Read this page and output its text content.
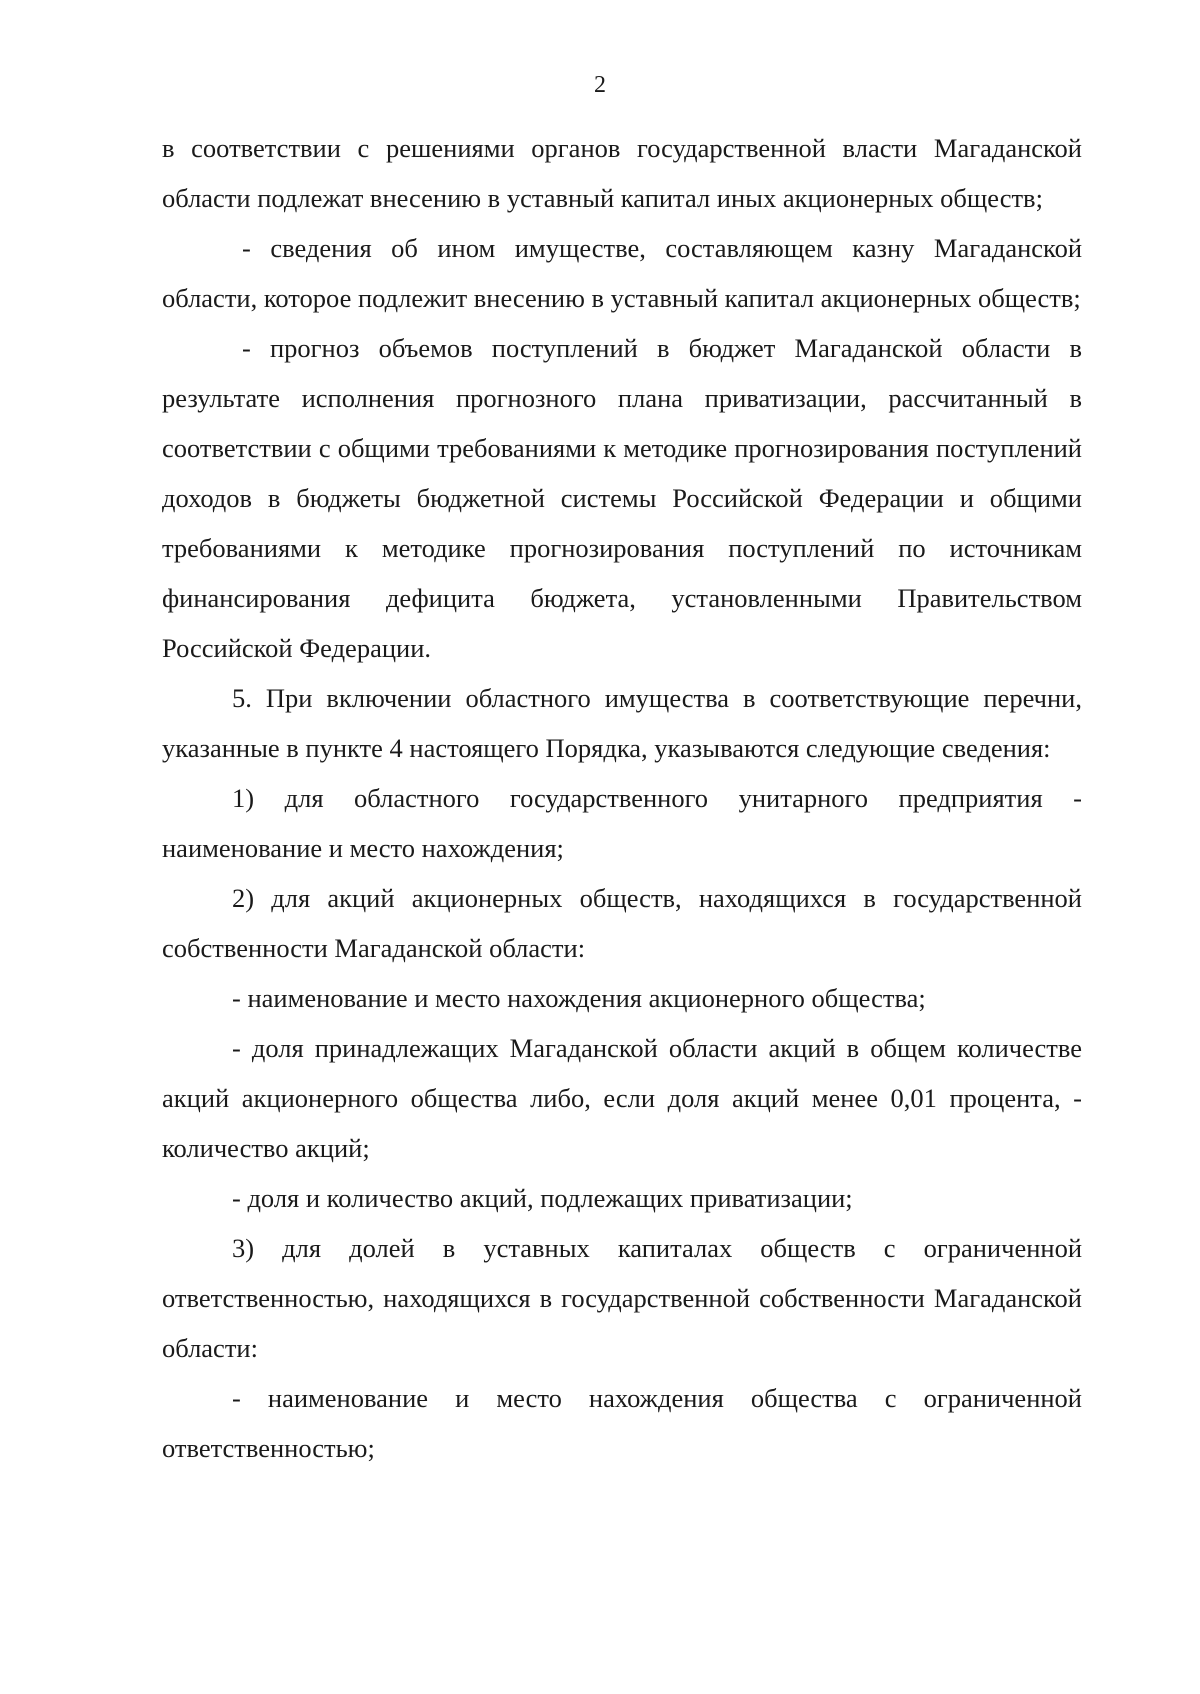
2

в соответствии с решениями органов государственной власти Магаданской области подлежат внесению в уставный капитал иных акционерных обществ;

- сведения об ином имуществе, составляющем казну Магаданской области, которое подлежит внесению в уставный капитал акционерных обществ;

- прогноз объемов поступлений в бюджет Магаданской области в результате исполнения прогнозного плана приватизации, рассчитанный в соответствии с общими требованиями к методике прогнозирования поступлений доходов в бюджеты бюджетной системы Российской Федерации и общими требованиями к методике прогнозирования поступлений по источникам финансирования дефицита бюджета, установленными Правительством Российской Федерации.

5. При включении областного имущества в соответствующие перечни, указанные в пункте 4 настоящего Порядка, указываются следующие сведения:

1) для областного государственного унитарного предприятия - наименование и место нахождения;

2) для акций акционерных обществ, находящихся в государственной собственности Магаданской области:

- наименование и место нахождения акционерного общества;

- доля принадлежащих Магаданской области акций в общем количестве акций акционерного общества либо, если доля акций менее 0,01 процента, - количество акций;

- доля и количество акций, подлежащих приватизации;

3) для долей в уставных капиталах обществ с ограниченной ответственностью, находящихся в государственной собственности Магаданской области:

- наименование и место нахождения общества с ограниченной ответственностью;
